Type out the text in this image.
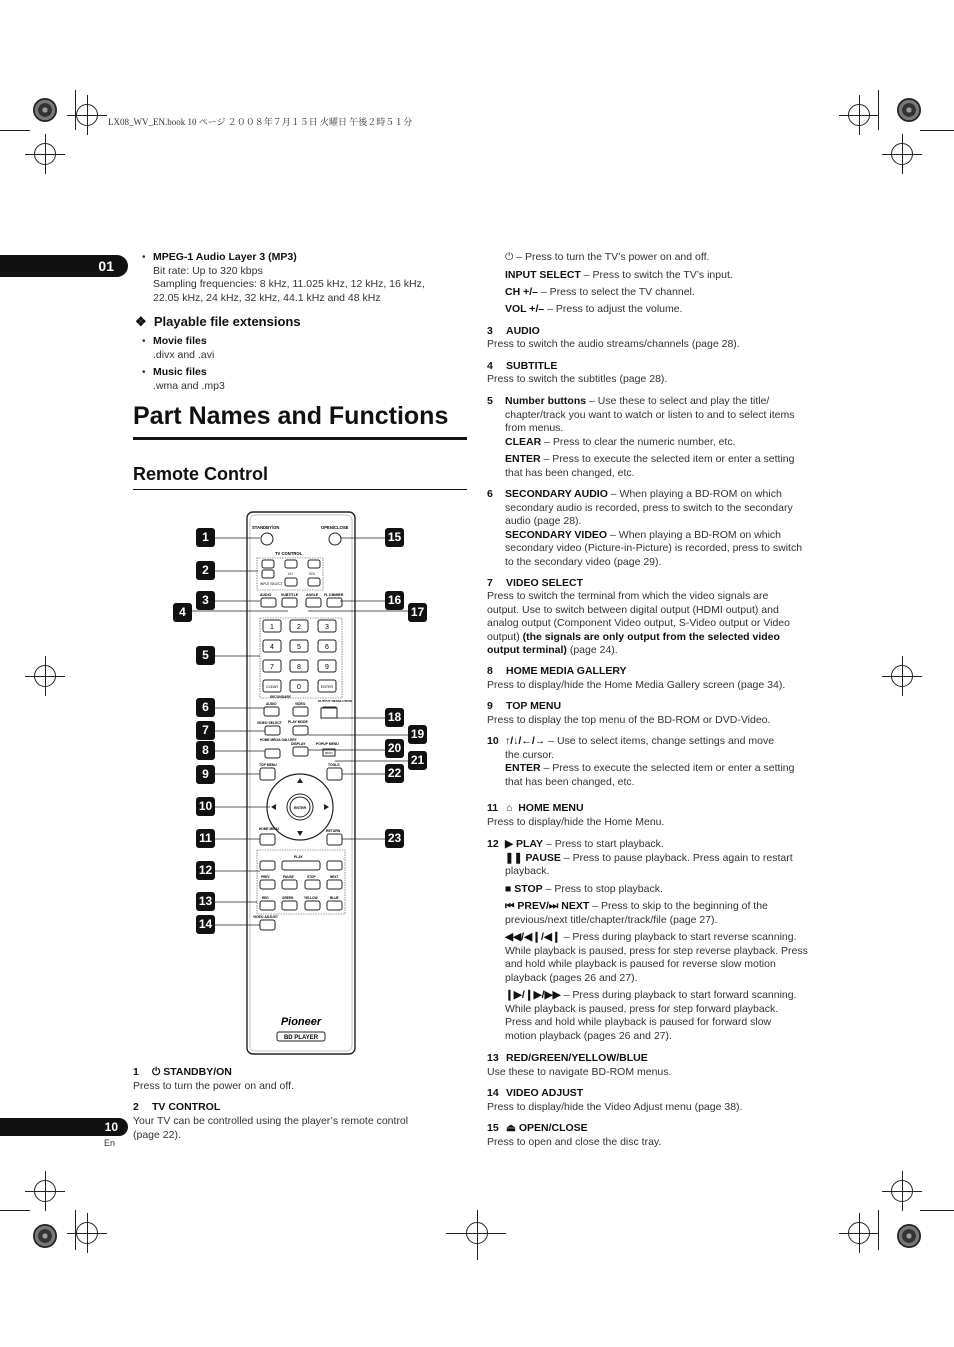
LX08_WV_EN.book 10 ページ ２００８年７月１５日 火曜日 午後２時５１分
01
10
En
• MPEG-1 Audio Layer 3 (MP3)
Bit rate: Up to 320 kbps
Sampling frequencies: 8 kHz, 11.025 kHz, 12 kHz, 16 kHz,
22.05 kHz, 24 kHz, 32 kHz, 44.1 kHz and 48 kHz
❖  Playable file extensions
• Movie files
.divx and .avi
• Music files
.wma and .mp3
Part Names and Functions
Remote Control
STANDBY/ON	OPEN/CLOSE
TV CONTROL
INPUT SELECT
CH	VOL
AUDIO	SUBTITLE ANGLE FL DIMMER
1	2	3
4	5	6
7	8	9
CLEAR	0	ENTER
SECONDARY
AUDIO	VIDEO
OUTPUT RESOLUTION
VIDEO SELECT PLAY MODE
HOME MEDIA GALLERY
DISPLAY	POPUP MENU
MENU
TOP MENU	TOOLS
ENTER
HOME MENU	RETURN
PLAY
PREV	PAUSE	STOP	NEXT
RED	GREEN	YELLOW	BLUE
VIDEO ADJUST
Pioneer
BD PLAYER
1
2
3
4
5
6
7
8
9
10
11
12
13
14
15
16
17
18
19
20
21
22
23
1 ⏻ STANDBY/ON
Press to turn the power on and off.
2 TV CONTROL
Your TV can be controlled using the player’s remote control
(page 22).
⏻ – Press to turn the TV’s power on and off.
INPUT SELECT – Press to switch the TV’s input.
CH +/– – Press to select the TV channel.
VOL +/– – Press to adjust the volume.
3 AUDIO
Press to switch the audio streams/channels (page 28).
4 SUBTITLE
Press to switch the subtitles (page 28).
5	Number buttons – Use these to select and play the title/
chapter/track you want to watch or listen to and to select items
from menus.
CLEAR – Press to clear the numeric number, etc.
ENTER – Press to execute the selected item or enter a setting
that has been changed, etc.
6	SECONDARY AUDIO – When playing a BD-ROM on which
secondary audio is recorded, press to switch to the secondary
audio (page 28).
SECONDARY VIDEO – When playing a BD-ROM on which
secondary video (Picture-in-Picture) is recorded, press to switch
to the secondary video (page 29).
7 VIDEO SELECT
Press to switch the terminal from which the video signals are
output. Use to switch between digital output (HDMI output) and
analog output (Component Video output, S-Video output or Video
output) (the signals are only output from the selected video
output terminal) (page 24).
8 HOME MEDIA GALLERY
Press to display/hide the Home Media Gallery screen (page 34).
9 TOP MENU
Press to display the top menu of the BD-ROM or DVD-Video.
10 ↑/↓/←/→ – Use to select items, change settings and move
the cursor.
ENTER – Press to execute the selected item or enter a setting
that has been changed, etc.
11 ⌂ HOME MENU
Press to display/hide the Home Menu.
12 ▶ PLAY – Press to start playback.
❚❚ PAUSE – Press to pause playback. Press again to restart
playback.
■ STOP – Press to stop playback.
⏮ PREV/⏭ NEXT – Press to skip to the beginning of the
previous/next title/chapter/track/file (page 27).
◀◀/◀❙/◀❙ – Press during playback to start reverse scanning.
While playback is paused, press for step reverse playback. Press
and hold while playback is paused for reverse slow motion
playback (pages 26 and 27).
❙▶/❙▶/▶▶ – Press during playback to start forward scanning.
While playback is paused, press for step forward playback.
Press and hold while playback is paused for forward slow
motion playback (pages 26 and 27).
13 RED/GREEN/YELLOW/BLUE
Use these to navigate BD-ROM menus.
14 VIDEO ADJUST
Press to display/hide the Video Adjust menu (page 38).
15 ⏏ OPEN/CLOSE
Press to open and close the disc tray.
